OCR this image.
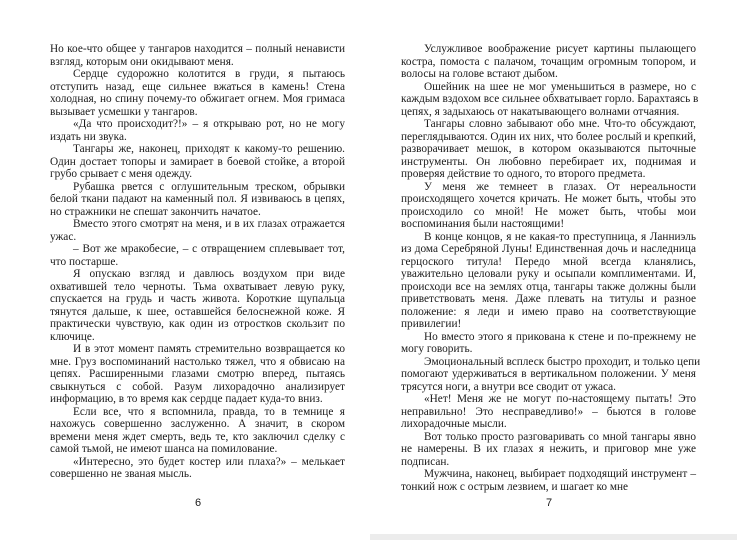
Но кое-что общее у тангаров находится – полный ненависти
взгляд, которым они окидывают меня.
Сердце судорожно колотится в груди, я пытаюсь
отступить назад, еще сильнее вжаться в камень! Стена
холодная, но спину почему-то обжигает огнем. Моя гримаса
вызывает усмешки у тангаров.
«Да что происходит?!» – я открываю рот, но не могу
издать ни звука.
Тангары же, наконец, приходят к какому-то решению.
Один достает топоры и замирает в боевой стойке, а второй
грубо срывает с меня одежду.
Рубашка рвется с оглушительным треском, обрывки
белой ткани падают на каменный пол. Я извиваюсь в цепях,
но стражники не спешат закончить начатое.
Вместо этого смотрят на меня, и в их глазах отражается
ужас.
– Вот же мракобесие, – с отвращением сплевывает тот,
что постарше.
Я опускаю взгляд и давлюсь воздухом при виде
охватившей тело черноты. Тьма охватывает левую руку,
спускается на грудь и часть живота. Короткие щупальца
тянутся дальше, к шее, оставшейся белоснежной коже. Я
практически чувствую, как один из отростков скользит по
ключице.
И в этот момент память стремительно возвращается ко
мне. Груз воспоминаний настолько тяжел, что я обвисаю на
цепях. Расширенными глазами смотрю вперед, пытаясь
свыкнуться с собой. Разум лихорадочно анализирует
информацию, в то время как сердце падает куда-то вниз.
Если все, что я вспомнила, правда, то в темнице я
нахожусь совершенно заслуженно. А значит, в скором
времени меня ждет смерть, ведь те, кто заключил сделку с
самой тьмой, не имеют шанса на помилование.
«Интересно, это будет костер или плаха?» – мелькает
совершенно не званая мысль.
6
Услужливое воображение рисует картины пылающего
костра, помоста с палачом, точащим огромным топором, и
волосы на голове встают дыбом.
Ошейник на шее не мог уменьшиться в размере, но с
каждым вздохом все сильнее обхватывает горло. Барахтаясь в
цепях, я задыхаюсь от накатывающего волнами отчаяния.
Тангары словно забывают обо мне. Что-то обсуждают,
переглядываются. Один их них, что более рослый и крепкий,
разворачивает мешок, в котором оказываются пыточные
инструменты. Он любовно перебирает их, поднимая и
проверяя действие то одного, то второго предмета.
У меня же темнеет в глазах. От нереальности
происходящего хочется кричать. Не может быть, чтобы это
происходило со мной! Не может быть, чтобы мои
воспоминания были настоящими!
В конце концов, я не какая-то преступница, я Ланниэль
из дома Серебряной Луны! Единственная дочь и наследница
герцоского титула! Передо мной всегда кланялись,
уважительно целовали руку и осыпали комплиментами. И,
происходи все на землях отца, тангары также должны были
приветствовать меня. Даже плевать на титулы и разное
положение: я леди и имею право на соответствующие
привилегии!
Но вместо этого я прикована к стене и по-прежнему не
могу говорить.
Эмоциональный всплеск быстро проходит, и только цепи
помогают удерживаться в вертикальном положении. У меня
трясутся ноги, а внутри все сводит от ужаса.
«Нет! Меня же не могут по-настоящему пытать! Это
неправильно! Это несправедливо!» – бьются в голове
лихорадочные мысли.
Вот только просто разговаривать со мной тангары явно
не намерены. В их глазах я нежить, и приговор мне уже
подписан.
Мужчина, наконец, выбирает подходящий инструмент –
тонкий нож с острым лезвием, и шагает ко мне
7
